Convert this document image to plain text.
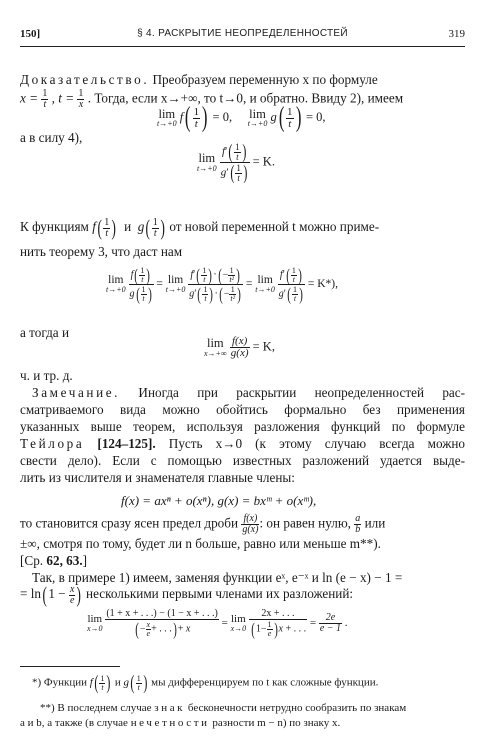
150]	§ 4. РАСКРЫТИЕ НЕОПРЕДЕЛЕННОСТЕЙ	319
Доказательство. Преобразуем переменную x по формуле
$x = \frac{1}{t}$ , $t = \frac{1}{x}$ . Тогда, если x→+∞, то t→0, и обратно. Ввиду 2), имеем
lim
t→+0 $f( \frac{1}{t}$ ) = 0, lim
t→+0 $g( \frac{1}{t}$ ) = 0,
а в силу 4),
lim
t→+0
$\frac{f'( \frac{1}{t} )}{g'( \frac{1}{t} )} = K$.
К функциям $f( \frac{1}{t}$ ) и $g( \frac{1}{t}$ ) от новой переменной t можно приме-
нить теорему 3, что даст нам
lim
t→+0
$\frac{f( \frac{1}{t} )}{g( \frac{1}{t} )} = \lim$
t→+0
$\frac{f'( \frac{1}{t} )\cdot(- \frac{1}{\text{t²}} )}{g'( \frac{1}{t} )\cdot(- \frac{1}{\text{t²}} )} = \lim$
t→+0
$\frac{f'( \frac{1}{t} )}{g'( \frac{1}{t} )} = K*$),
а тогда и
lim
x→+∞
$\frac{f(x)}{g(x)} = K$,
ч. и тр. д.
Замечание. Иногда при раскрытии неопределенностей рас-
сматриваемого вида можно обойтись формально без применения
указанных выше теорем, используя разложения функций по формуле
Тейлора [124–125]. Пусть x→0 (к этому случаю всегда можно
свести дело). Если с помощью известных разложений удается выде-
лить из числителя и знаменателя главные члены:
f(x) = axⁿ + o(xⁿ), g(x) = bxᵐ + o(xᵐ),
то становится сразу ясен предел дроби $\frac{f(x)}{g(x)}$ : он равен нулю, $\frac{a}{b}$ или
±∞, смотря по тому, будет ли n больше, равно или меньше m**).
[Ср. 62, 63.]
Так, в примере 1) имеем, заменяя функции eˣ, e⁻ˣ и ln (e − x) − 1 =
= $\ln(1 - \frac{x}{e}$ ) несколькими первыми членами их разложений:
lim
x→0
$\frac{(1 + x + . . .) - (1 - x + . . .)}{(- \frac{x}{e} + . . .)+ x} = \lim$
x→0
$\frac{2x + . . .}{(1- \frac{1}{e} )x + . . .} = \frac{2e}{e - 1}$ .
*) Функции $f( \frac{1}{t}$ ) и $g( \frac{1}{t}$ ) мы дифференцируем по t как сложные функции.
**) В последнем случае знак бесконечности нетрудно сообразить по знакам
a и b, а также (в случае нечетности разности m − n) по знаку x.
